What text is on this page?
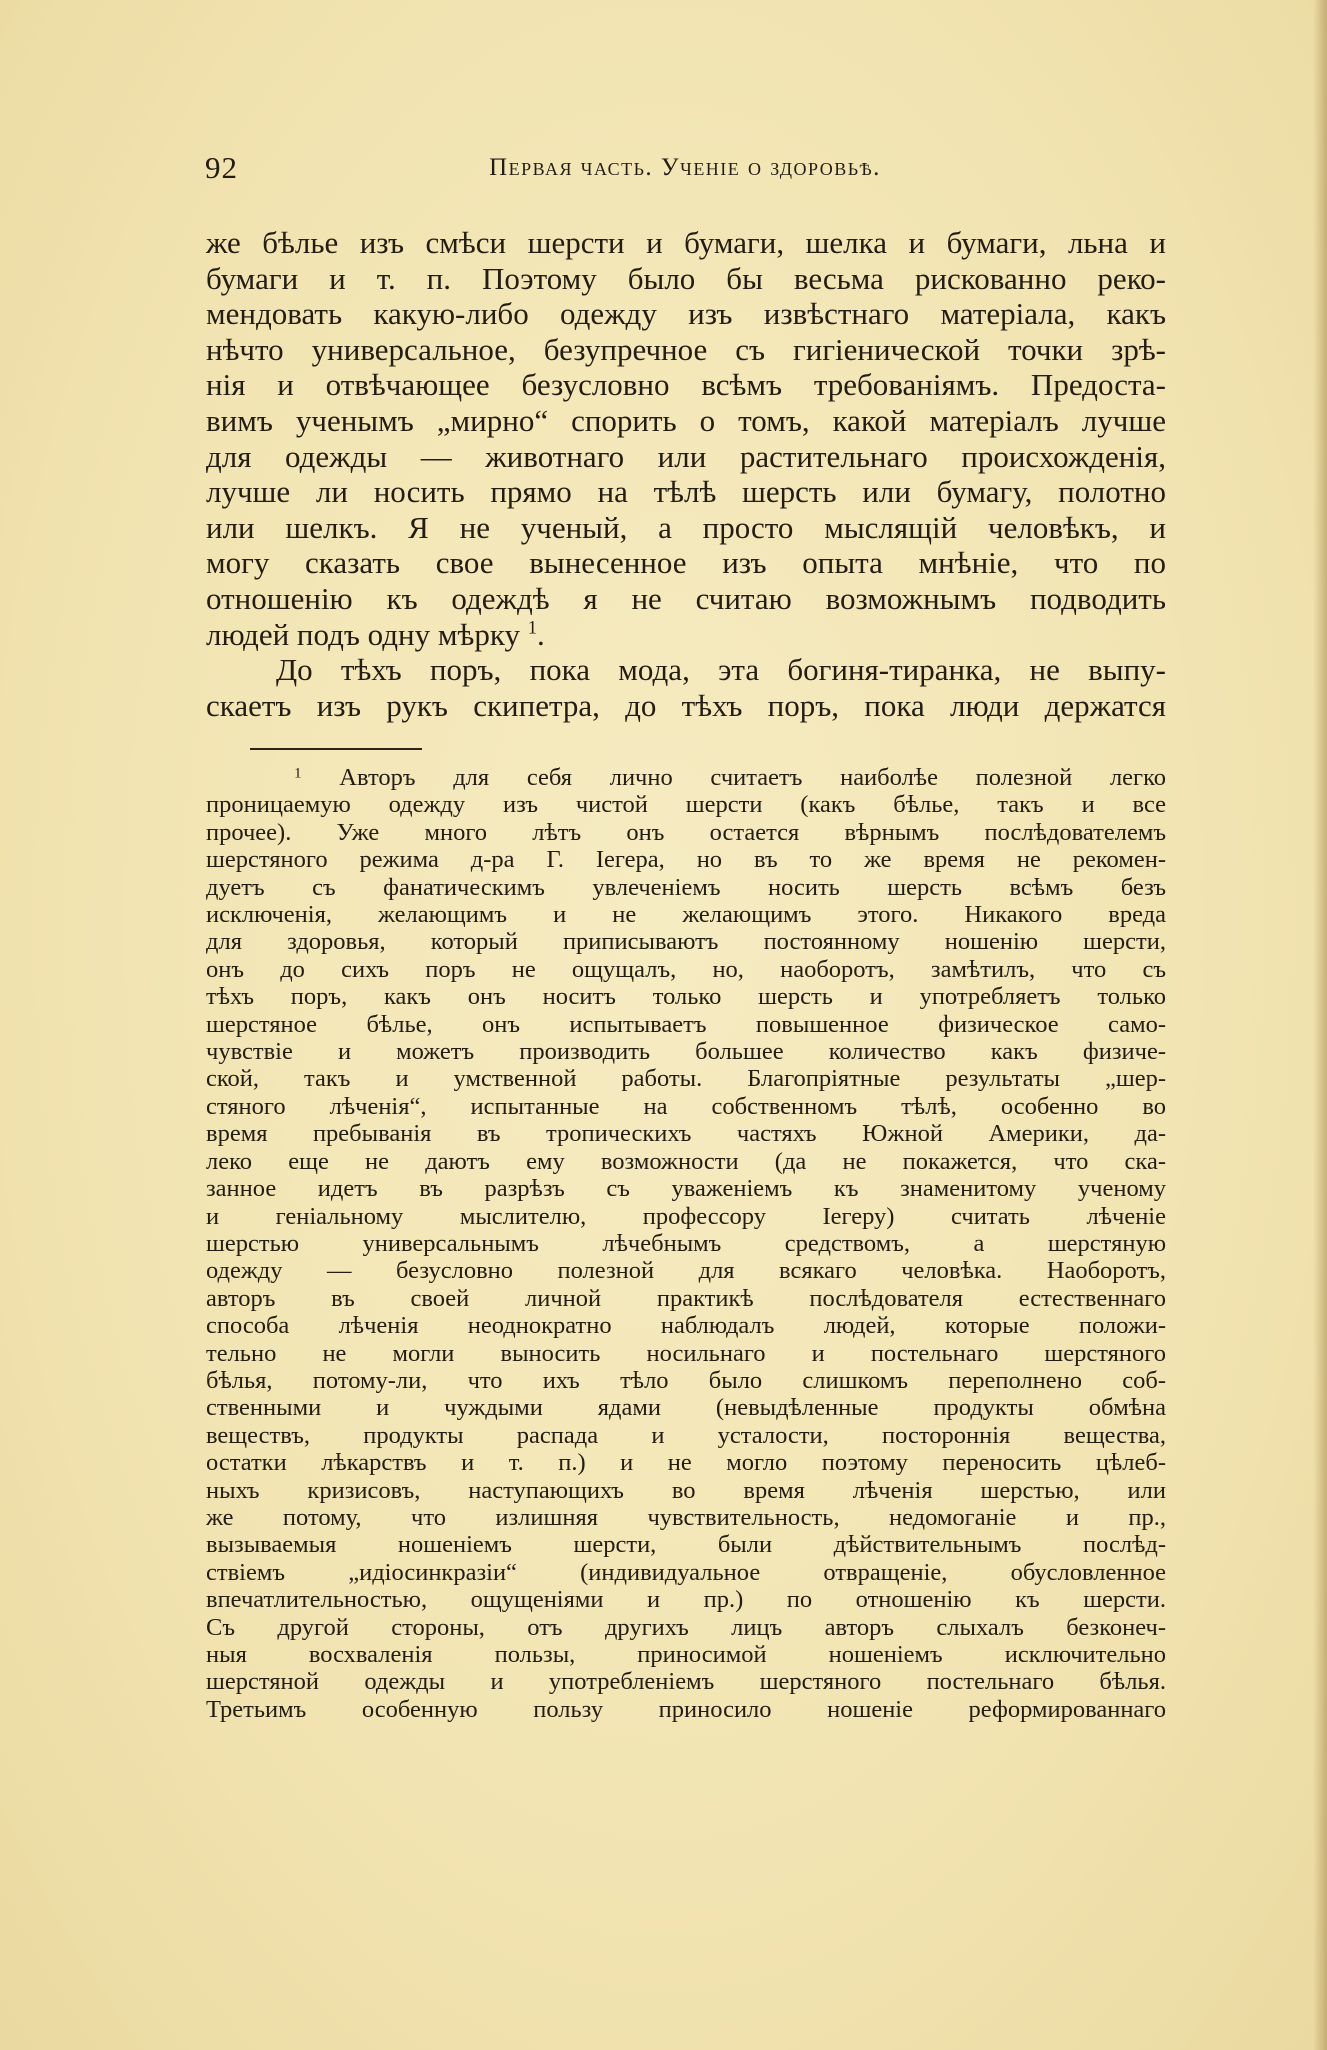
92	Первая часть. Ученіе о здоровьѣ.
же бѣлье изъ смѣси шерсти и бумаги, шелка и бумаги, льна и
бумаги и т. п. Поэтому было бы весьма рискованно реко-
мендовать какую-либо одежду изъ извѣстнаго матеріала, какъ
нѣчто универсальное, безупречное съ гигіенической точки зрѣ-
нія и отвѣчающее безусловно всѣмъ требованіямъ. Предоста-
вимъ ученымъ „мирно“ спорить о томъ, какой матеріалъ лучше
для одежды — животнаго или растительнаго происхожденія,
лучше ли носить прямо на тѣлѣ шерсть или бумагу, полотно
или шелкъ. Я не ученый, а просто мыслящій человѣкъ, и
могу сказать свое вынесенное изъ опыта мнѣніе, что по
отношенію къ одеждѣ я не считаю возможнымъ подводить
людей подъ одну мѣрку $^1$.
До тѣхъ поръ, пока мода, эта богиня-тиранка, не выпу-
скаетъ изъ рукъ скипетра, до тѣхъ поръ, пока люди держатся
$^1$ Авторъ для себя лично считаетъ наиболѣе полезной легко
проницаемую одежду изъ чистой шерсти (какъ бѣлье, такъ и все
прочее). Уже много лѣтъ онъ остается вѣрнымъ послѣдователемъ
шерстяного режима д-ра Г. Іегера, но въ то же время не рекомен-
дуетъ съ фанатическимъ увлеченіемъ носить шерсть всѣмъ безъ
исключенія, желающимъ и не желающимъ этого. Никакого вреда
для здоровья, который приписываютъ постоянному ношенію шерсти,
онъ до сихъ поръ не ощущалъ, но, наоборотъ, замѣтилъ, что съ
тѣхъ поръ, какъ онъ носитъ только шерсть и употребляетъ только
шерстяное бѣлье, онъ испытываетъ повышенное физическое само-
чувствіе и можетъ производить большее количество какъ физиче-
ской, такъ и умственной работы. Благопріятные результаты „шер-
стяного лѣченія“, испытанные на собственномъ тѣлѣ, особенно во
время пребыванія въ тропическихъ частяхъ Южной Америки, да-
леко еще не даютъ ему возможности (да не покажется, что ска-
занное идетъ въ разрѣзъ съ уваженіемъ къ знаменитому ученому
и геніальному мыслителю, профессору Іегеру) считать лѣченіе
шерстью универсальнымъ лѣчебнымъ средствомъ, а шерстяную
одежду — безусловно полезной для всякаго человѣка. Наоборотъ,
авторъ въ своей личной практикѣ послѣдователя естественнаго
способа лѣченія неоднократно наблюдалъ людей, которые положи-
тельно не могли выносить носильнаго и постельнаго шерстяного
бѣлья, потому-ли, что ихъ тѣло было слишкомъ переполнено соб-
ственными и чуждыми ядами (невыдѣленные продукты обмѣна
веществъ, продукты распада и усталости, постороннія вещества,
остатки лѣкарствъ и т. п.) и не могло поэтому переносить цѣлеб-
ныхъ кризисовъ, наступающихъ во время лѣченія шерстью, или
же потому, что излишняя чувствительность, недомоганіе и пр.,
вызываемыя ношеніемъ шерсти, были дѣйствительнымъ послѣд-
ствіемъ „идіосинкразіи“ (индивидуальное отвращеніе, обусловленное
впечатлительностью, ощущеніями и пр.) по отношенію къ шерсти.
Съ другой стороны, отъ другихъ лицъ авторъ слыхалъ безконеч-
ныя восхваленія пользы, приносимой ношеніемъ исключительно
шерстяной одежды и употребленіемъ шерстяного постельнаго бѣлья.
Третьимъ особенную пользу приносило ношеніе реформированнаго
